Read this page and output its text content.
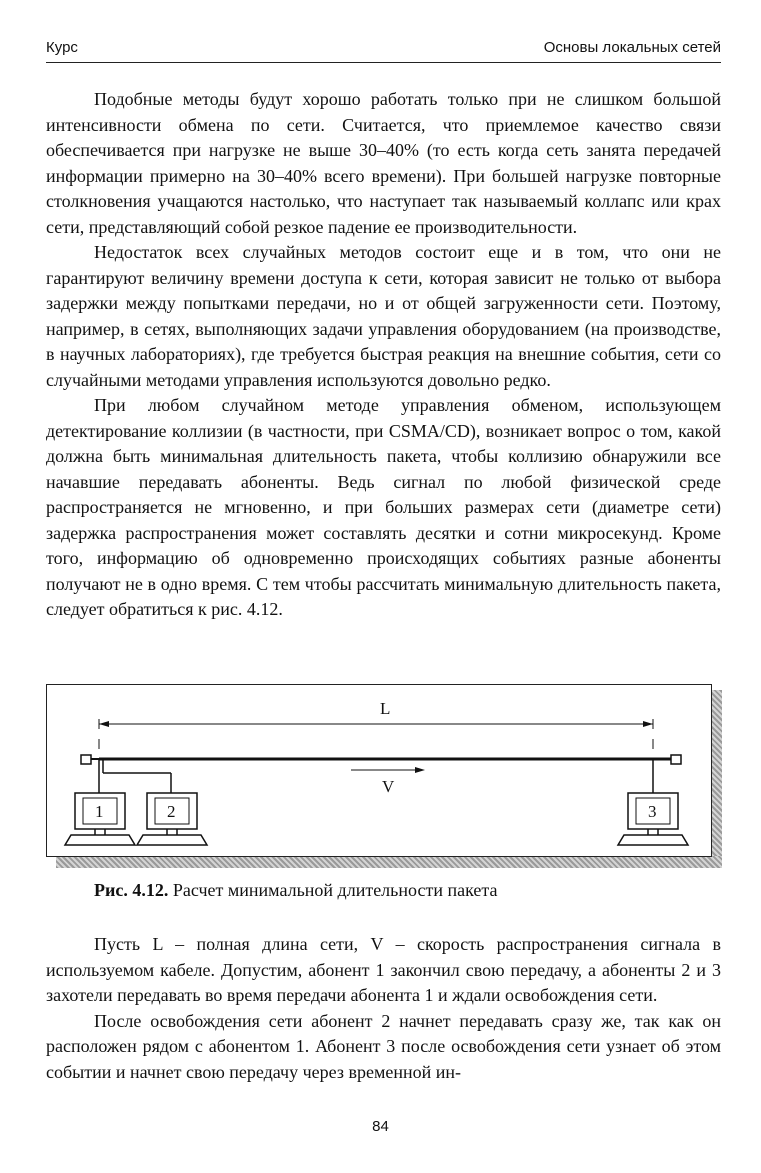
Курс	Основы локальных сетей

Подобные методы будут хорошо работать только при не слишком большой интенсивности обмена по сети. Считается, что приемлемое качество связи обеспечивается при нагрузке не выше 30–40% (то есть когда сеть занята передачей информации примерно на 30–40% всего времени). При большей нагрузке повторные столкновения учащаются настолько, что наступает так называемый коллапс или крах сети, представляющий собой резкое падение ее производительности.

Недостаток всех случайных методов состоит еще и в том, что они не гарантируют величину времени доступа к сети, которая зависит не только от выбора задержки между попытками передачи, но и от общей загруженности сети. Поэтому, например, в сетях, выполняющих задачи управления оборудованием (на производстве, в научных лабораториях), где требуется быстрая реакция на внешние события, сети со случайными методами управления используются довольно редко.

При любом случайном методе управления обменом, использующем детектирование коллизии (в частности, при CSMA/CD), возникает вопрос о том, какой должна быть минимальная длительность пакета, чтобы коллизию обнаружили все начавшие передавать абоненты. Ведь сигнал по любой физической среде распространяется не мгновенно, и при больших размерах сети (диаметре сети) задержка распространения может составлять десятки и сотни микросекунд. Кроме того, информацию об одновременно происходящих событиях разные абоненты получают не в одно время. С тем чтобы рассчитать минимальную длительность пакета, следует обратиться к рис. 4.12.

L
V
1	2	3
Рис. 4.12. Расчет минимальной длительности пакета

Пусть L – полная длина сети, V – скорость распространения сигнала в используемом кабеле. Допустим, абонент 1 закончил свою передачу, а абоненты 2 и 3 захотели передавать во время передачи абонента 1 и ждали освобождения сети.

После освобождения сети абонент 2 начнет передавать сразу же, так как он расположен рядом с абонентом 1. Абонент 3 после освобождения сети узнает об этом событии и начнет свою передачу через временной ин-

84
